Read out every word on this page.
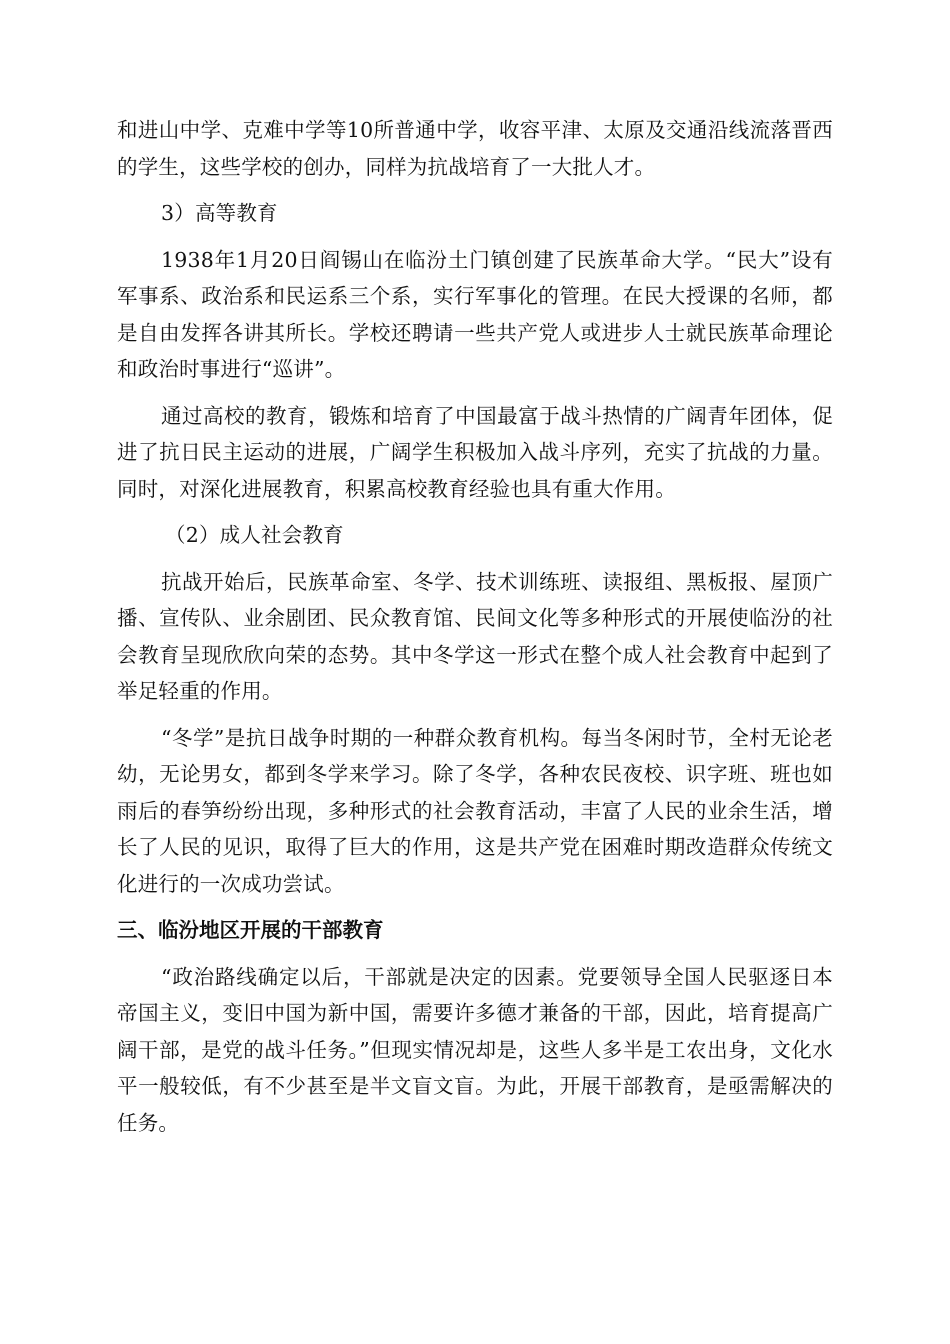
和进山中学、克难中学等10所普通中学，收容平津、太原及交通沿线流落晋西的学生，这些学校的创办，同样为抗战培育了一大批人才。

3）高等教育

1938年1月20日阎锡山在临汾土门镇创建了民族革命大学。“民大”设有军事系、政治系和民运系三个系，实行军事化的管理。在民大授课的名师，都是自由发挥各讲其所长。学校还聘请一些共产党人或进步人士就民族革命理论和政治时事进行“巡讲”。

通过高校的教育，锻炼和培育了中国最富于战斗热情的广阔青年团体，促进了抗日民主运动的进展，广阔学生积极加入战斗序列，充实了抗战的力量。同时，对深化进展教育，积累高校教育经验也具有重大作用。

（2）成人社会教育

抗战开始后，民族革命室、冬学、技术训练班、读报组、黑板报、屋顶广播、宣传队、业余剧团、民众教育馆、民间文化等多种形式的开展使临汾的社会教育呈现欣欣向荣的态势。其中冬学这一形式在整个成人社会教育中起到了举足轻重的作用。

“冬学”是抗日战争时期的一种群众教育机构。每当冬闲时节，全村无论老幼，无论男女，都到冬学来学习。除了冬学，各种农民夜校、识字班、班也如雨后的春笋纷纷出现，多种形式的社会教育活动，丰富了人民的业余生活，增长了人民的见识，取得了巨大的作用，这是共产党在困难时期改造群众传统文化进行的一次成功尝试。

三、临汾地区开展的干部教育

“政治路线确定以后，干部就是决定的因素。党要领导全国人民驱逐日本帝国主义，变旧中国为新中国，需要许多德才兼备的干部，因此，培育提高广阔干部，是党的战斗任务。”但现实情况却是，这些人多半是工农出身，文化水平一般较低，有不少甚至是半文盲文盲。为此，开展干部教育，是亟需解决的任务。
